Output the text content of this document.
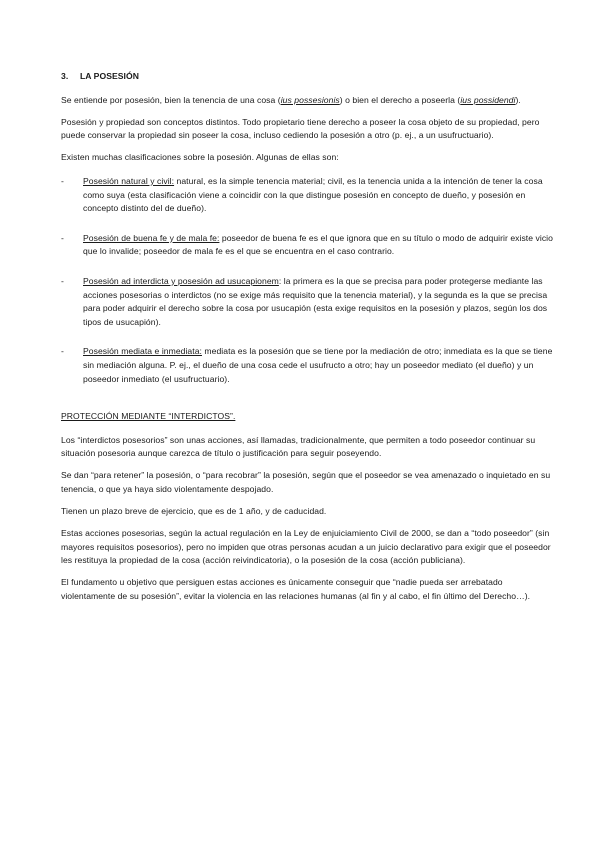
3. LA POSESIÓN

Se entiende por posesión, bien la tenencia de una cosa (ius possesionis) o bien el derecho a poseerla (ius possidendi).

Posesión y propiedad son conceptos distintos. Todo propietario tiene derecho a poseer la cosa objeto de su propiedad, pero puede conservar la propiedad sin poseer la cosa, incluso cediendo la posesión a otro (p. ej., a un usufructuario).

Existen muchas clasificaciones sobre la posesión. Algunas de ellas son:

- Posesión natural y civil: natural, es la simple tenencia material; civil, es la tenencia unida a la intención de tener la cosa como suya (esta clasificación viene a coincidir con la que distingue posesión en concepto de dueño, y posesión en concepto distinto del de dueño).
- Posesión de buena fe y de mala fe: poseedor de buena fe es el que ignora que en su título o modo de adquirir existe vicio que lo invalide; poseedor de mala fe es el que se encuentra en el caso contrario.
- Posesión ad interdicta y posesión ad usucapionem: la primera es la que se precisa para poder protegerse mediante las acciones posesorias o interdictos (no se exige más requisito que la tenencia material), y la segunda es la que se precisa para poder adquirir el derecho sobre la cosa por usucapión (esta exige requisitos en la posesión y plazos, según los dos tipos de usucapión).
- Posesión mediata e inmediata: mediata es la posesión que se tiene por la mediación de otro; inmediata es la que se tiene sin mediación alguna. P. ej., el dueño de una cosa cede el usufructo a otro; hay un poseedor mediato (el dueño) y un poseedor inmediato (el usufructuario).
PROTECCIÓN MEDIANTE “INTERDICTOS”.

Los “interdictos posesorios” son unas acciones, así llamadas, tradicionalmente, que permiten a todo poseedor continuar su situación posesoria aunque carezca de título o justificación para seguir poseyendo.

Se dan “para retener” la posesión, o “para recobrar” la posesión, según que el poseedor se vea amenazado o inquietado en su tenencia, o que ya haya sido violentamente despojado.

Tienen un plazo breve de ejercicio, que es de 1 año, y de caducidad.

Estas acciones posesorias, según la actual regulación en la Ley de enjuiciamiento Civil de 2000, se dan a “todo poseedor” (sin mayores requisitos posesorios), pero no impiden que otras personas acudan a un juicio declarativo para exigir que el poseedor les restituya la propiedad de la cosa (acción reivindicatoria), o la posesión de la cosa (acción publiciana).

El fundamento u objetivo que persiguen estas acciones es únicamente conseguir que “nadie pueda ser arrebatado violentamente de su posesión”, evitar la violencia en las relaciones humanas (al fin y al cabo, el fin último del Derecho…).
